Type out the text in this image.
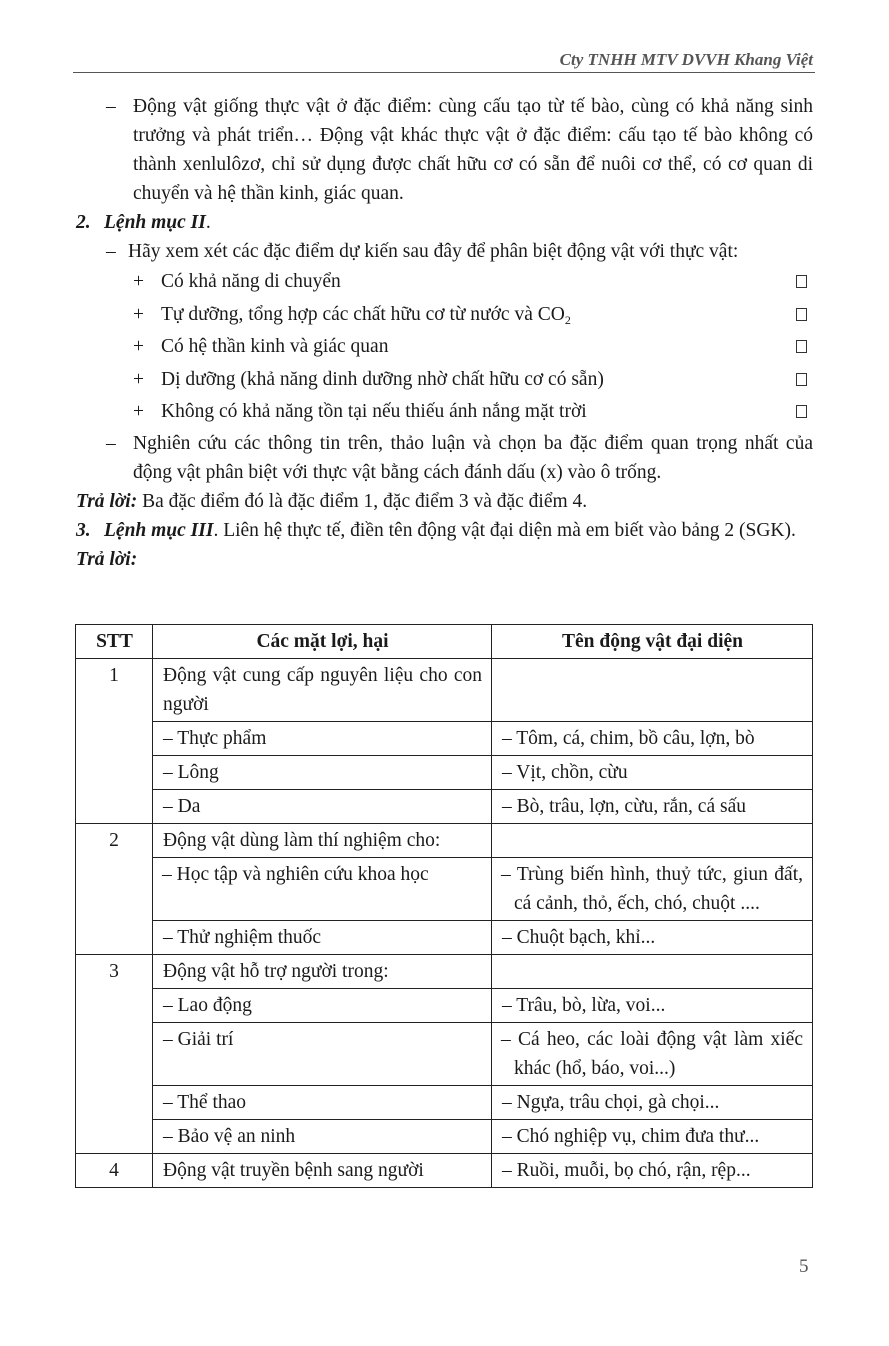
Cty TNHH MTV DVVH Khang Việt
– Động vật giống thực vật ở đặc điểm: cùng cấu tạo từ tế bào, cùng có khả năng sinh trưởng và phát triển… Động vật khác thực vật ở đặc điểm: cấu tạo tế bào không có thành xenlulôzơ, chỉ sử dụng được chất hữu cơ có sẵn để nuôi cơ thể, có cơ quan di chuyển và hệ thần kinh, giác quan.
2. Lệnh mục II.
– Hãy xem xét các đặc điểm dự kiến sau đây để phân biệt động vật với thực vật:
+ Có khả năng di chuyển
+ Tự dưỡng, tổng hợp các chất hữu cơ từ nước và $CO_2$
+ Có hệ thần kinh và giác quan
+ Dị dưỡng (khả năng dinh dưỡng nhờ chất hữu cơ có sẵn)
+ Không có khả năng tồn tại nếu thiếu ánh nắng mặt trời
– Nghiên cứu các thông tin trên, thảo luận và chọn ba đặc điểm quan trọng nhất của động vật phân biệt với thực vật bằng cách đánh dấu (x) vào ô trống.
Trả lời: Ba đặc điểm đó là đặc điểm 1, đặc điểm 3 và đặc điểm 4.
3. Lệnh mục III. Liên hệ thực tế, điền tên động vật đại diện mà em biết vào bảng 2 (SGK).
Trả lời:
STT	Các mặt lợi, hại	Tên động vật đại diện
1	Động vật cung cấp nguyên liệu cho con người	
	– Thực phẩm	– Tôm, cá, chim, bồ câu, lợn, bò
	– Lông	– Vịt, chồn, cừu
	– Da	– Bò, trâu, lợn, cừu, rắn, cá sấu
2	Động vật dùng làm thí nghiệm cho:	
	– Học tập và nghiên cứu khoa học	– Trùng biến hình, thuỷ tức, giun đất, cá cảnh, thỏ, ếch, chó, chuột ....
	– Thử nghiệm thuốc	– Chuột bạch, khỉ...
3	Động vật hỗ trợ người trong:	
	– Lao động	– Trâu, bò, lừa, voi...
	– Giải trí	– Cá heo, các loài động vật làm xiếc khác (hổ, báo, voi...)
	– Thể thao	– Ngựa, trâu chọi, gà chọi...
	– Bảo vệ an ninh	– Chó nghiệp vụ, chim đưa thư...
4	Động vật truyền bệnh sang người	– Ruồi, muỗi, bọ chó, rận, rệp...
5
